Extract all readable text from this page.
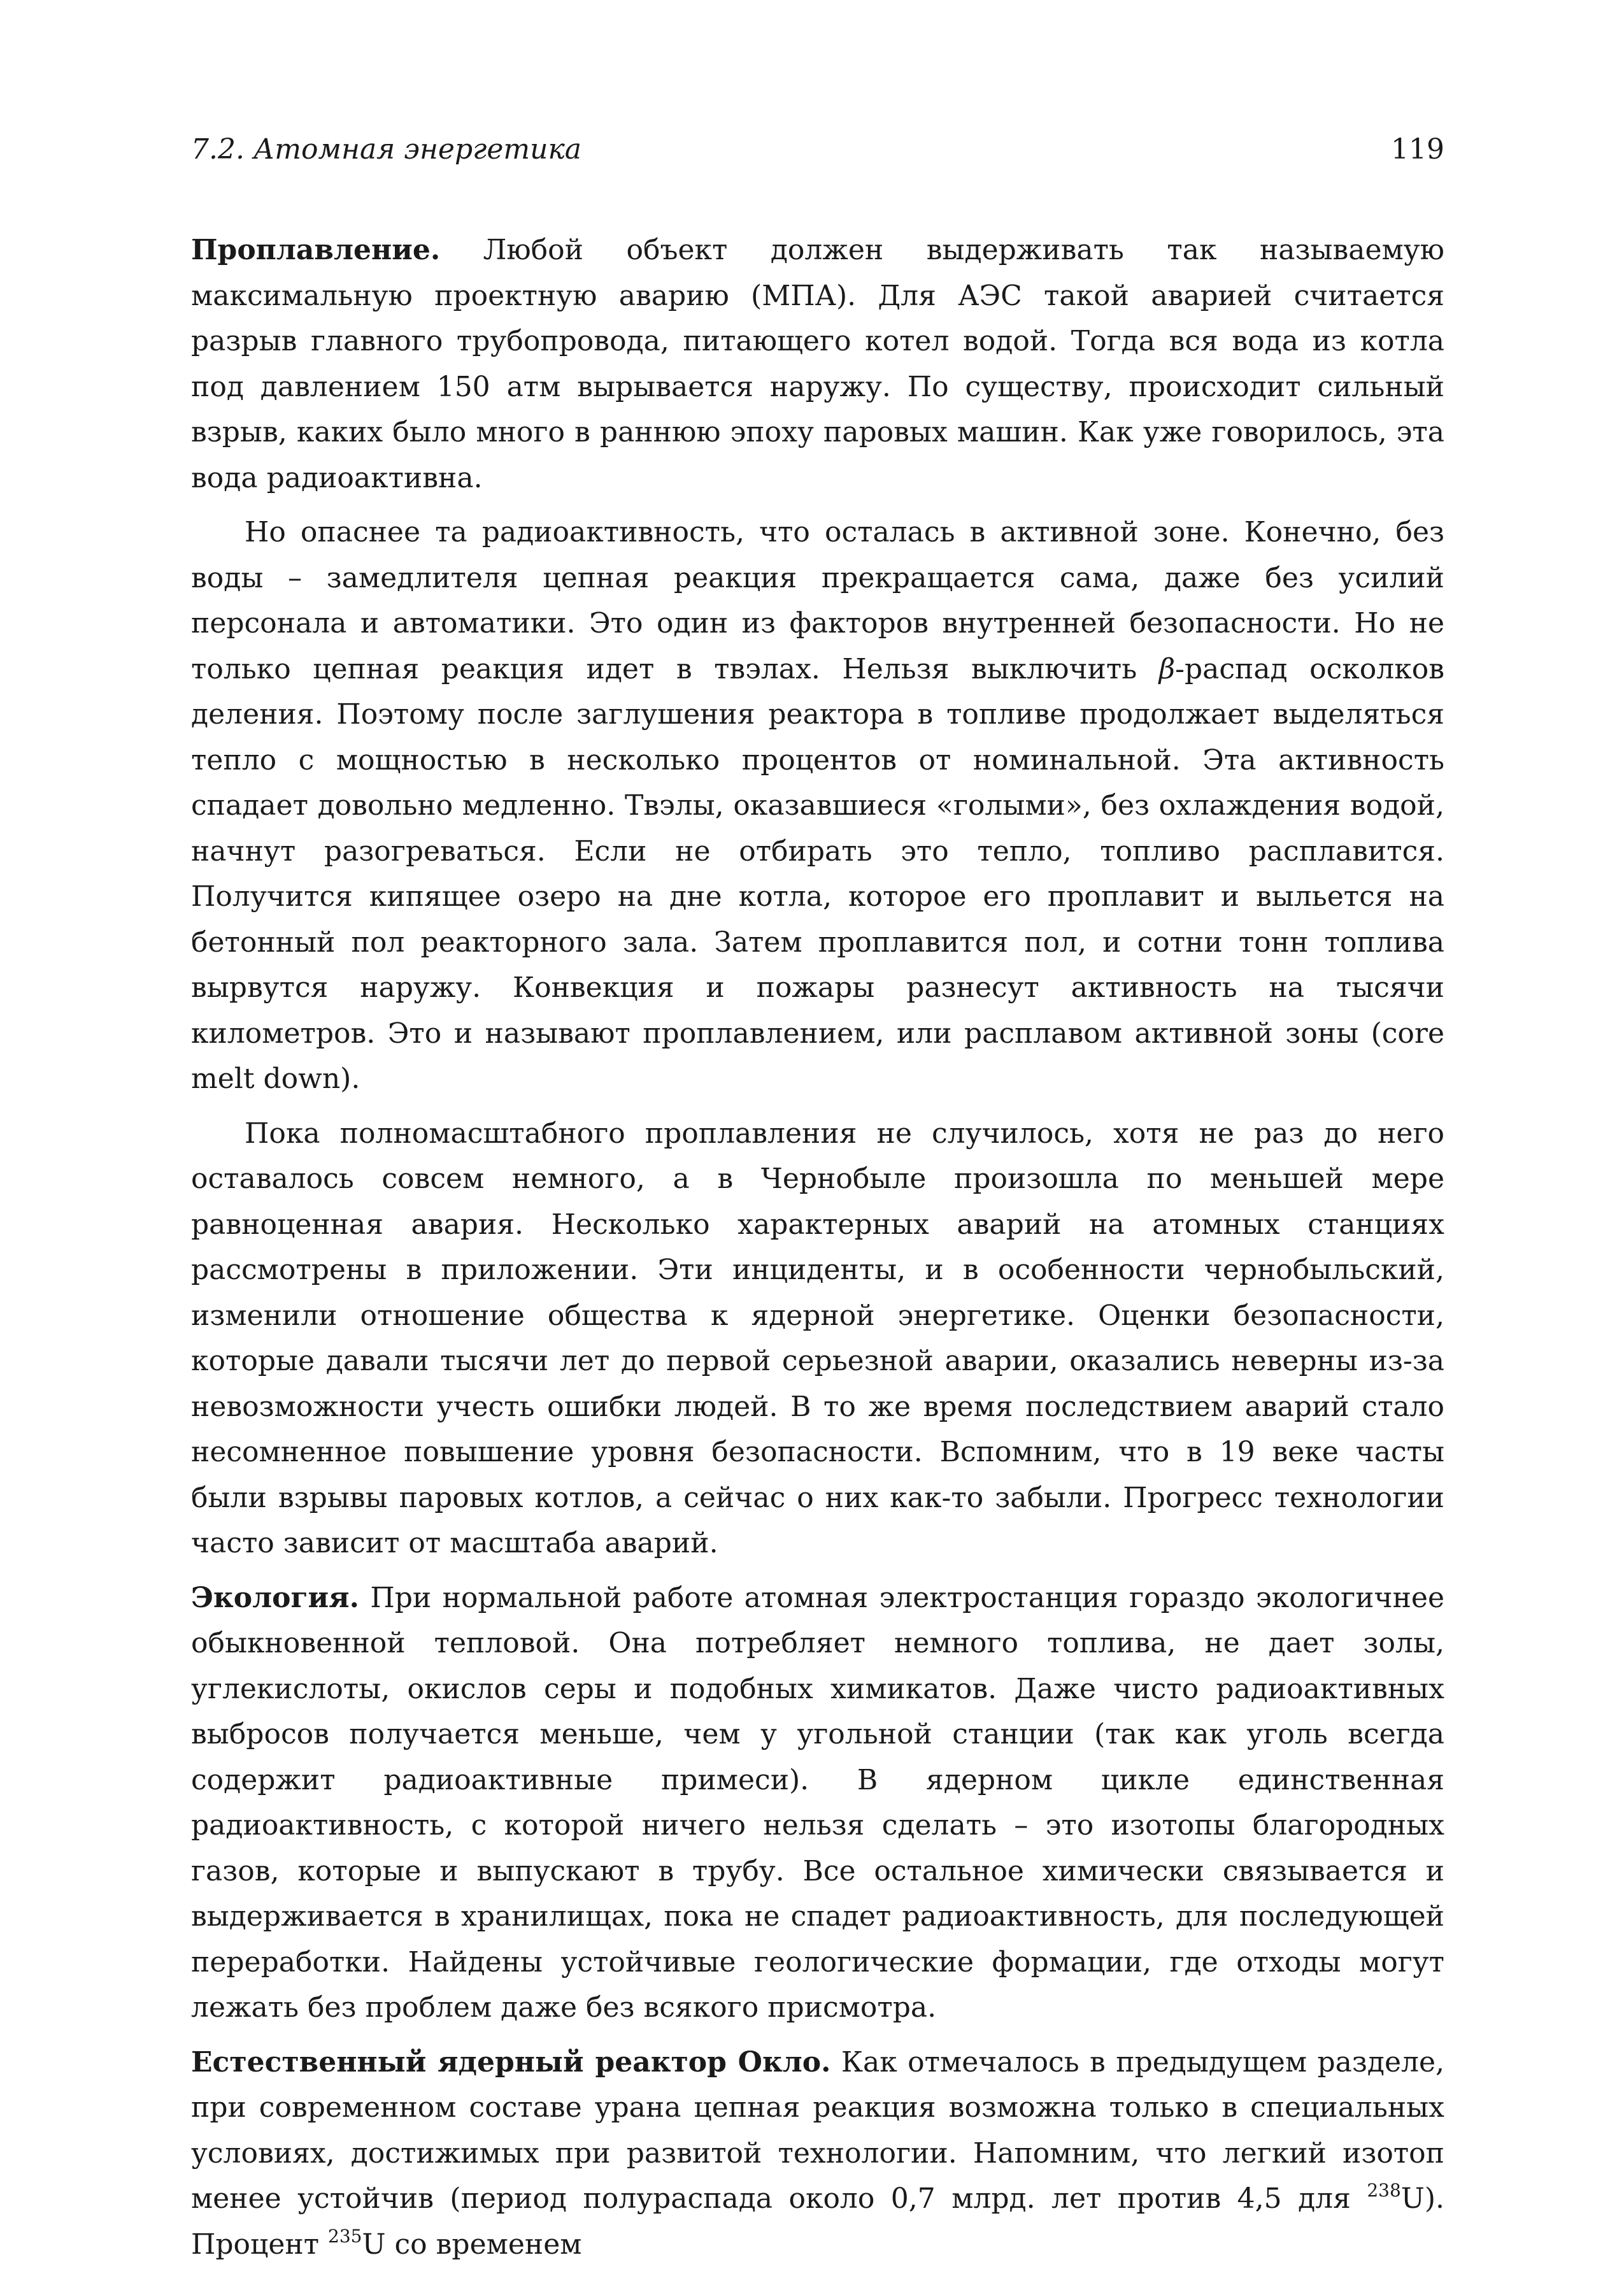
7.2. Атомная энергетика	119

Проплавление. Любой объект должен выдерживать так называемую максимальную проектную аварию (МПА). Для АЭС такой аварией считается разрыв главного трубопровода, питающего котел водой. Тогда вся вода из котла под давлением 150 атм вырывается наружу. По существу, происходит сильный взрыв, каких было много в раннюю эпоху паровых машин. Как уже говорилось, эта вода радиоактивна.

Но опаснее та радиоактивность, что осталась в активной зоне. Конечно, без воды – замедлителя цепная реакция прекращается сама, даже без усилий персонала и автоматики. Это один из факторов внутренней безопасности. Но не только цепная реакция идет в твэлах. Нельзя выключить β-распад осколков деления. Поэтому после заглушения реактора в топливе продолжает выделяться тепло с мощностью в несколько процентов от номинальной. Эта активность спадает довольно медленно. Твэлы, оказавшиеся «голыми», без охлаждения водой, начнут разогреваться. Если не отбирать это тепло, топливо расплавится. Получится кипящее озеро на дне котла, которое его проплавит и выльется на бетонный пол реакторного зала. Затем проплавится пол, и сотни тонн топлива вырвутся наружу. Конвекция и пожары разнесут активность на тысячи километров. Это и называют проплавлением, или расплавом активной зоны (core melt down).

Пока полномасштабного проплавления не случилось, хотя не раз до него оставалось совсем немного, а в Чернобыле произошла по меньшей мере равноценная авария. Несколько характерных аварий на атомных станциях рассмотрены в приложении. Эти инциденты, и в особенности чернобыльский, изменили отношение общества к ядерной энергетике. Оценки безопасности, которые давали тысячи лет до первой серьезной аварии, оказались неверны из-за невозможности учесть ошибки людей. В то же время последствием аварий стало несомненное повышение уровня безопасности. Вспомним, что в 19 веке часты были взрывы паровых котлов, а сейчас о них как-то забыли. Прогресс технологии часто зависит от масштаба аварий.

Экология. При нормальной работе атомная электростанция гораздо экологичнее обыкновенной тепловой. Она потребляет немного топлива, не дает золы, углекислоты, окислов серы и подобных химикатов. Даже чисто радиоактивных выбросов получается меньше, чем у угольной станции (так как уголь всегда содержит радиоактивные примеси). В ядерном цикле единственная радиоактивность, с которой ничего нельзя сделать – это изотопы благородных газов, которые и выпускают в трубу. Все остальное химически связывается и выдерживается в хранилищах, пока не спадет радиоактивность, для последующей переработки. Найдены устойчивые геологические формации, где отходы могут лежать без проблем даже без всякого присмотра.

Естественный ядерный реактор Окло. Как отмечалось в предыдущем разделе, при современном составе урана цепная реакция возможна только в специальных условиях, достижимых при развитой технологии. Напомним, что легкий изотоп менее устойчив (период полураспада около 0,7 млрд. лет против 4,5 для $^{238}$U). Процент $^{235}$U со временем
